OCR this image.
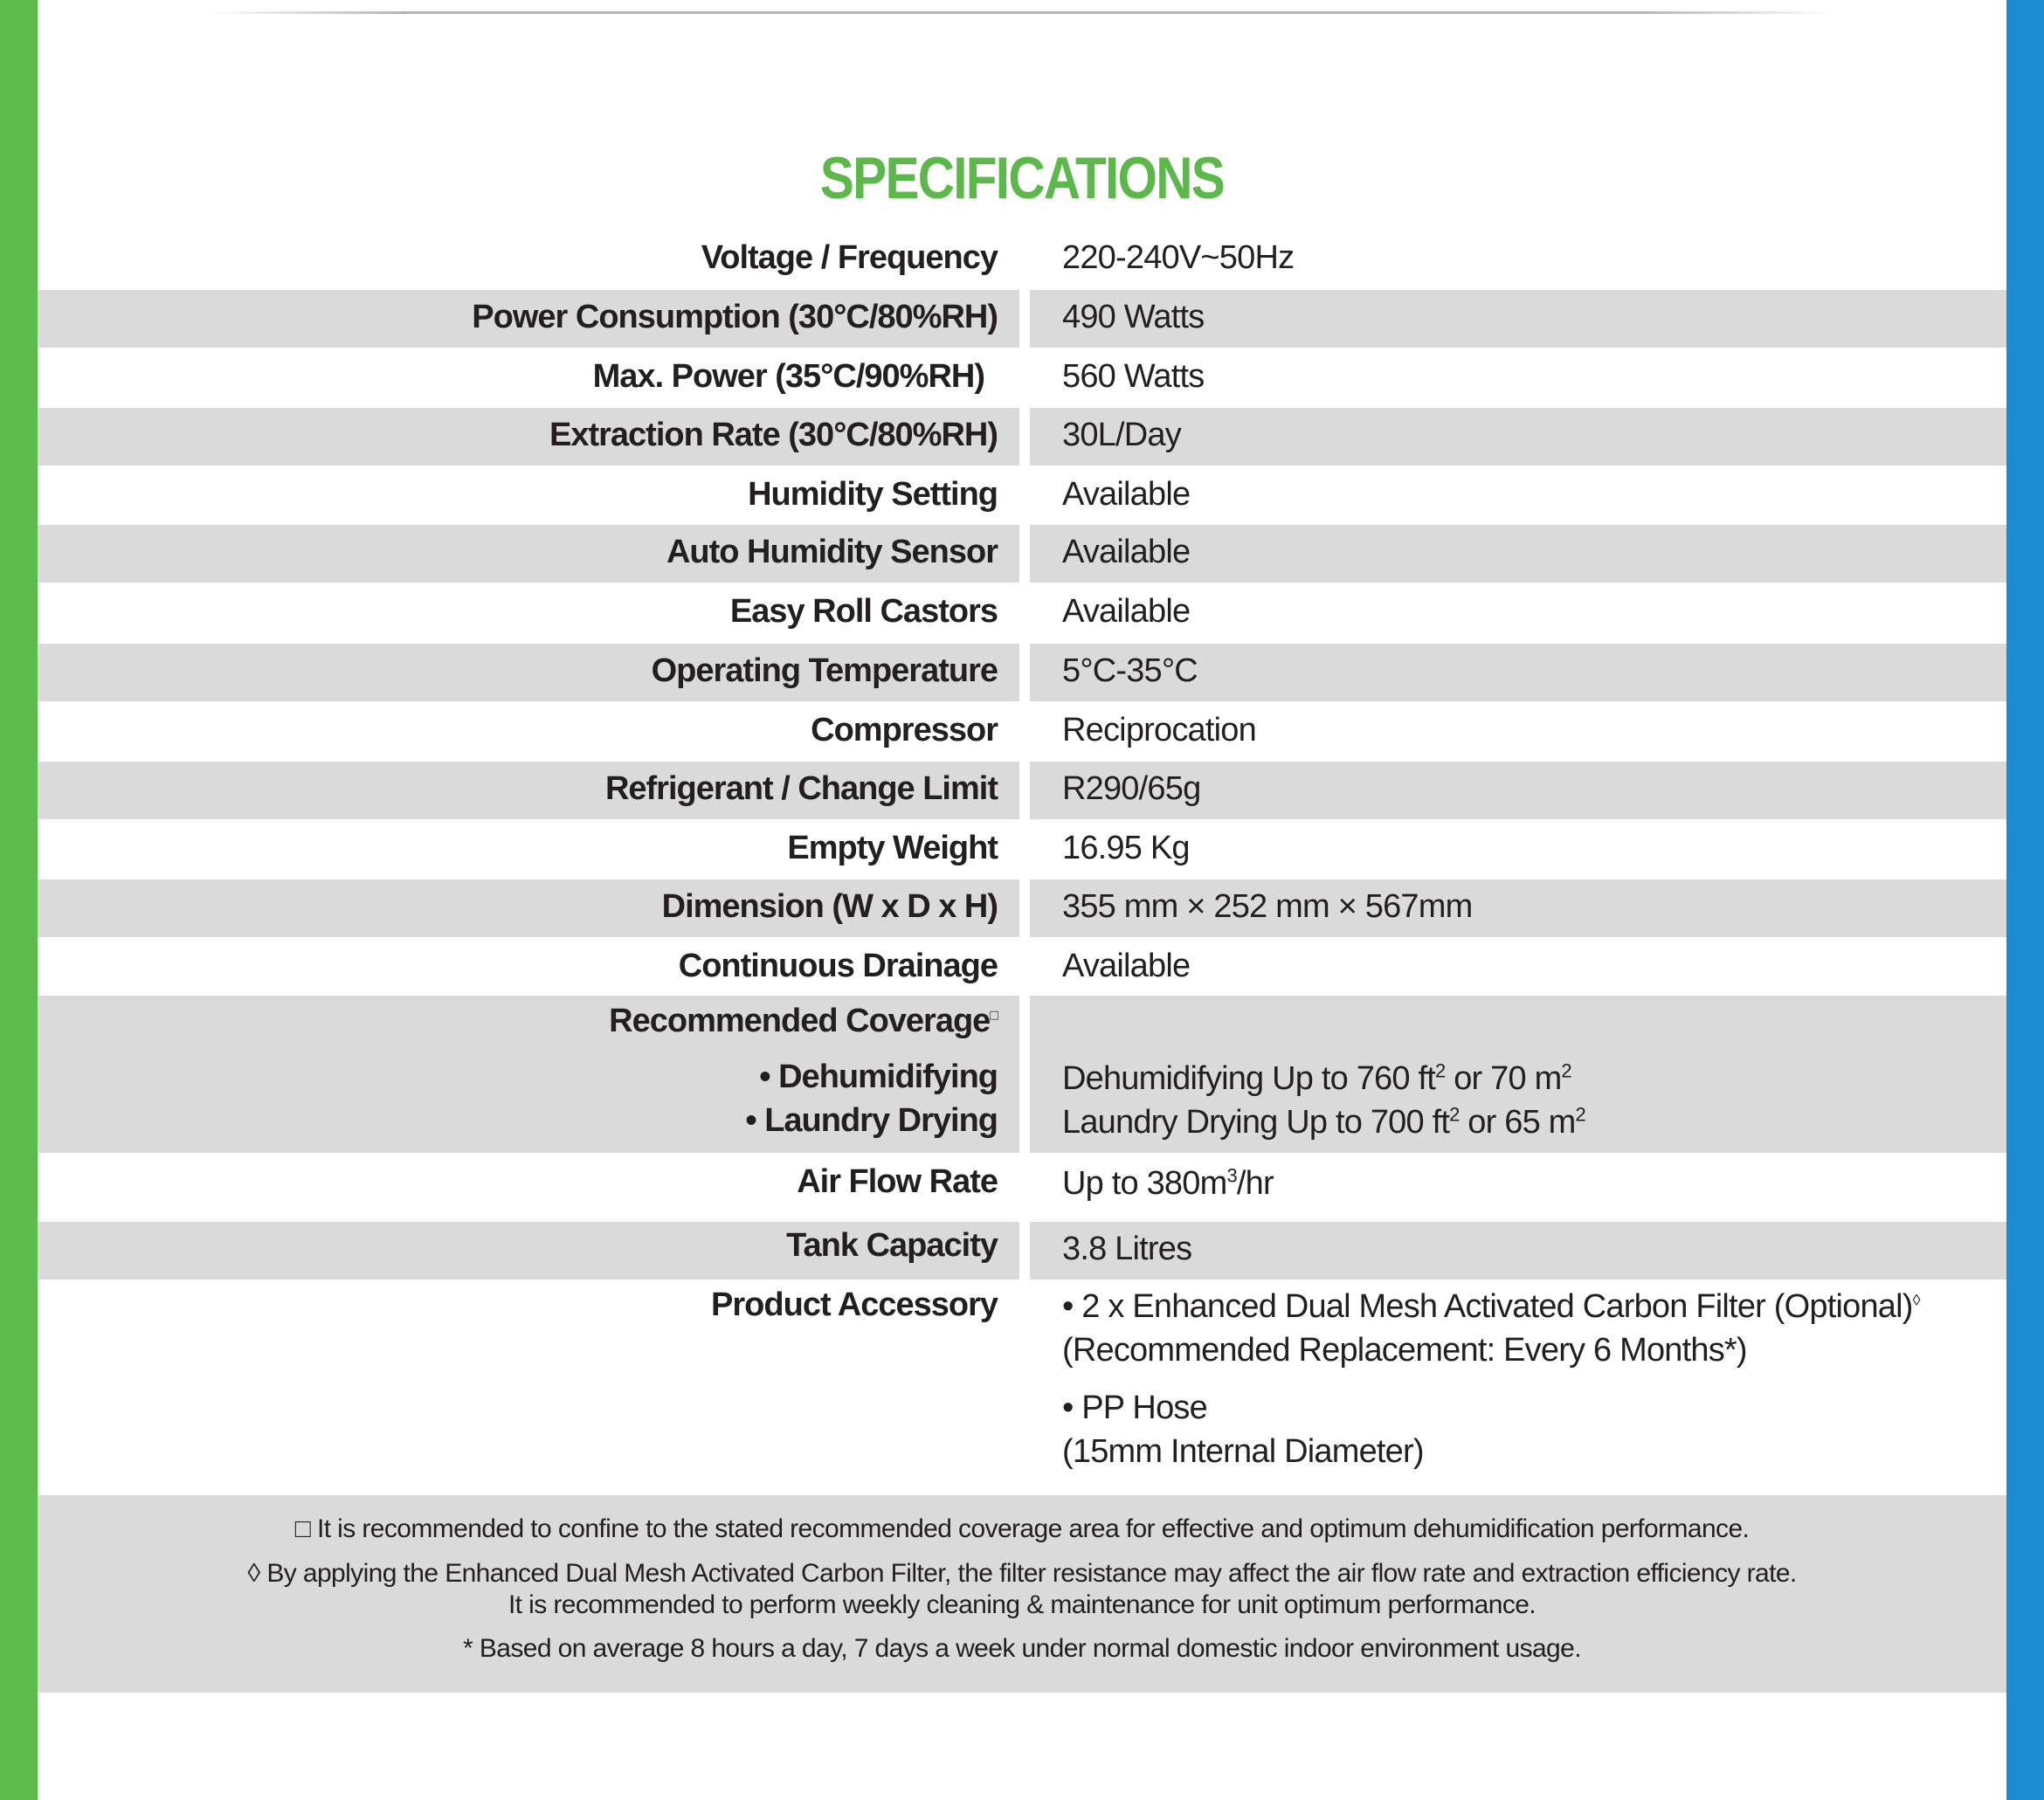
SPECIFICATIONS
Voltage / Frequency 220-240V~50Hz
Power Consumption (30°C/80%RH) 490 Watts
Max. Power (35°C/90%RH) 560 Watts
Extraction Rate (30°C/80%RH) 30L/Day
Humidity Setting Available
Auto Humidity Sensor Available
Easy Roll Castors Available
Operating Temperature 5°C-35°C
Compressor Reciprocation
Refrigerant / Change Limit R290/65g
Empty Weight 16.95 Kg
Dimension (W x D x H) 355 mm × 252 mm × 567mm
Continuous Drainage Available
Recommended Coverage□
• Dehumidifying
• Laundry Drying
Dehumidifying Up to 760 $ft^2$ or 70 $m^2$
Laundry Drying Up to 700 $ft^2$ or 65 $m^2$
Air Flow Rate Up to $380m^3/hr$
Tank Capacity 3.8 Litres
Product Accessory • 2 x Enhanced Dual Mesh Activated Carbon Filter (Optional)◊
(Recommended Replacement: Every 6 Months*)
• PP Hose
(15mm Internal Diameter)
□ It is recommended to confine to the stated recommended coverage area for effective and optimum dehumidification performance.
◊ By applying the Enhanced Dual Mesh Activated Carbon Filter, the filter resistance may affect the air flow rate and extraction efficiency rate.
It is recommended to perform weekly cleaning & maintenance for unit optimum performance.
* Based on average 8 hours a day, 7 days a week under normal domestic indoor environment usage.
